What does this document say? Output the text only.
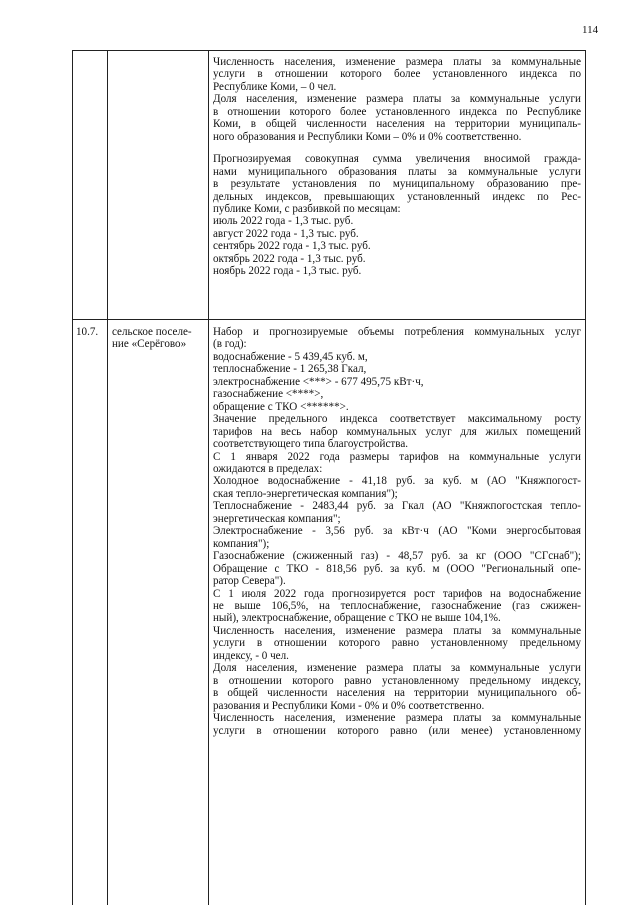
114

Численность населения, изменение размера платы за коммунальные

услуги в отношении которого более установленного индекса по

Республике Коми, – 0 чел.

Доля населения, изменение размера платы за коммунальные услуги

в отношении которого более установленного индекса по Республике

Коми, в общей численности населения на территории муниципаль-

ного образования и Республики Коми – 0% и 0% соответственно.

Прогнозируемая совокупная сумма увеличения вносимой гражда-

нами муниципального образования платы за коммунальные услуги

в результате установления по муниципальному образованию пре-

дельных индексов, превышающих установленный индекс по Рес-

публике Коми, с разбивкой по месяцам:

июль 2022 года - 1,3 тыс. руб.

август 2022 года - 1,3 тыс. руб.

сентябрь 2022 года - 1,3 тыс. руб.

октябрь 2022 года - 1,3 тыс. руб.

ноябрь 2022 года - 1,3 тыс. руб.

10.7.	сельское поселе-

ние «Серёгово»

Набор и прогнозируемые объемы потребления коммунальных услуг

(в год):

водоснабжение - 5 439,45 куб. м,

теплоснабжение - 1 265,38 Гкал,

электроснабжение <***> - 677 495,75 кВт·ч,

газоснабжение <****>,

обращение с ТКО <******>.

Значение предельного индекса соответствует максимальному росту

тарифов на весь набор коммунальных услуг для жилых помещений

соответствующего типа благоустройства.

С 1 января 2022 года размеры тарифов на коммунальные услуги

ожидаются в пределах:

Холодное водоснабжение - 41,18 руб. за куб. м (АО "Княжпогост-

ская тепло-энергетическая компания");

Теплоснабжение - 2483,44 руб. за Гкал (АО "Княжпогостская тепло-

энергетическая компания";

Электроснабжение - 3,56 руб. за кВт·ч (АО "Коми энергосбытовая

компания");

Газоснабжение (сжиженный газ) - 48,57 руб. за кг (ООО "СГснаб");

Обращение с ТКО - 818,56 руб. за куб. м (ООО "Региональный опе-

ратор Севера").

С 1 июля 2022 года прогнозируется рост тарифов на водоснабжение

не выше 106,5%, на теплоснабжение, газоснабжение (газ сжижен-

ный), электроснабжение, обращение с ТКО не выше 104,1%.

Численность населения, изменение размера платы за коммунальные

услуги в отношении которого равно установленному предельному

индексу, - 0 чел.

Доля населения, изменение размера платы за коммунальные услуги

в отношении которого равно установленному предельному индексу,

в общей численности населения на территории муниципального об-

разования и Республики Коми - 0% и 0% соответственно.

Численность населения, изменение размера платы за коммунальные

услуги в отношении которого равно (или менее) установленному
